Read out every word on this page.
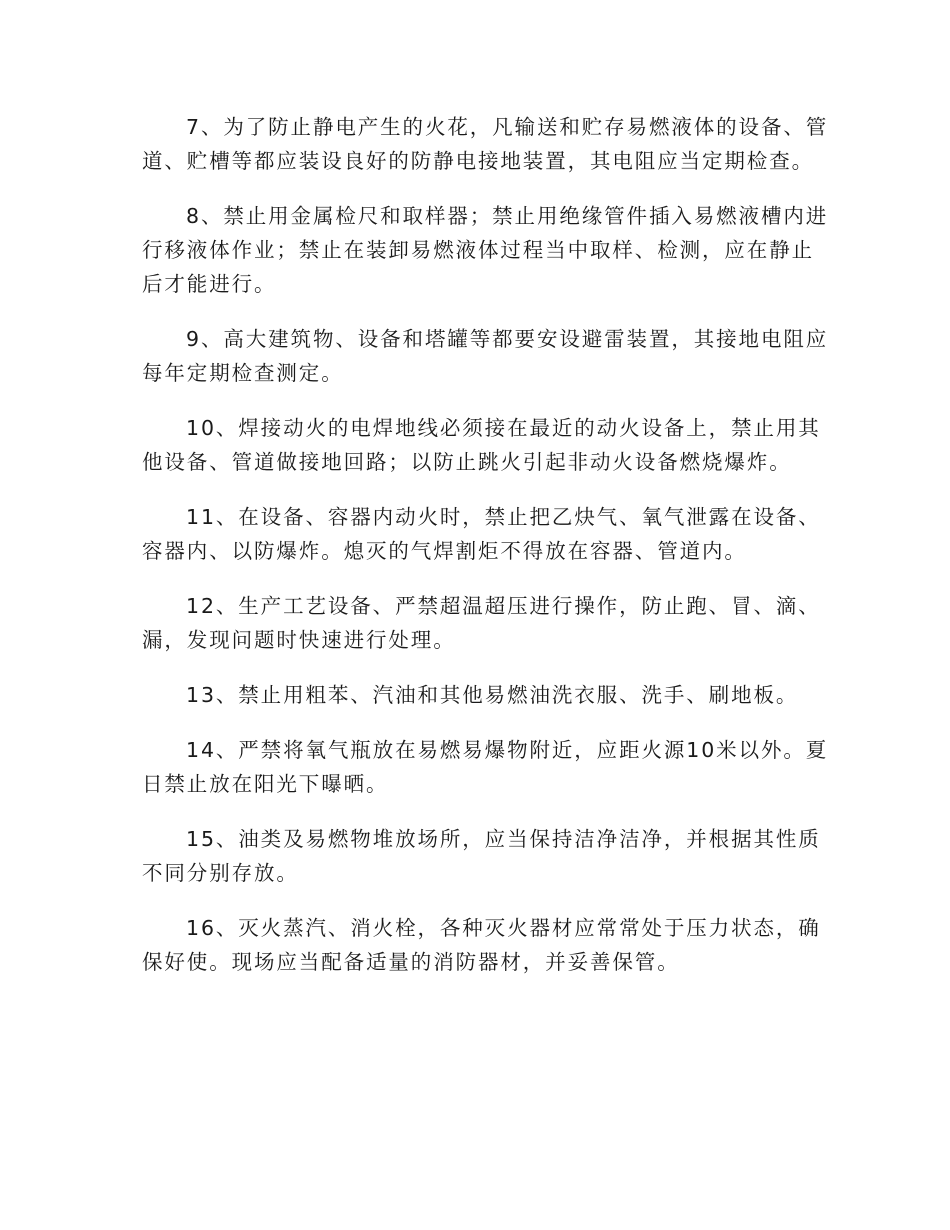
7、为了防止静电产生的火花，凡输送和贮存易燃液体的设备、管
道、贮槽等都应装设良好的防静电接地装置，其电阻应当定期检查。

8、禁止用金属检尺和取样器；禁止用绝缘管件插入易燃液槽内进
行移液体作业；禁止在装卸易燃液体过程当中取样、检测，应在静止
后才能进行。

9、高大建筑物、设备和塔罐等都要安设避雷装置，其接地电阻应
每年定期检查测定。

10、焊接动火的电焊地线必须接在最近的动火设备上，禁止用其
他设备、管道做接地回路；以防止跳火引起非动火设备燃烧爆炸。

11、在设备、容器内动火时，禁止把乙炔气、氧气泄露在设备、
容器内、以防爆炸。熄灭的气焊割炬不得放在容器、管道内。

12、生产工艺设备、严禁超温超压进行操作，防止跑、冒、滴、
漏，发现问题时快速进行处理。

13、禁止用粗苯、汽油和其他易燃油洗衣服、洗手、刷地板。

14、严禁将氧气瓶放在易燃易爆物附近，应距火源10米以外。夏
日禁止放在阳光下曝晒。

15、油类及易燃物堆放场所，应当保持洁净洁净，并根据其性质
不同分别存放。

16、灭火蒸汽、消火栓，各种灭火器材应常常处于压力状态，确
保好使。现场应当配备适量的消防器材，并妥善保管。
